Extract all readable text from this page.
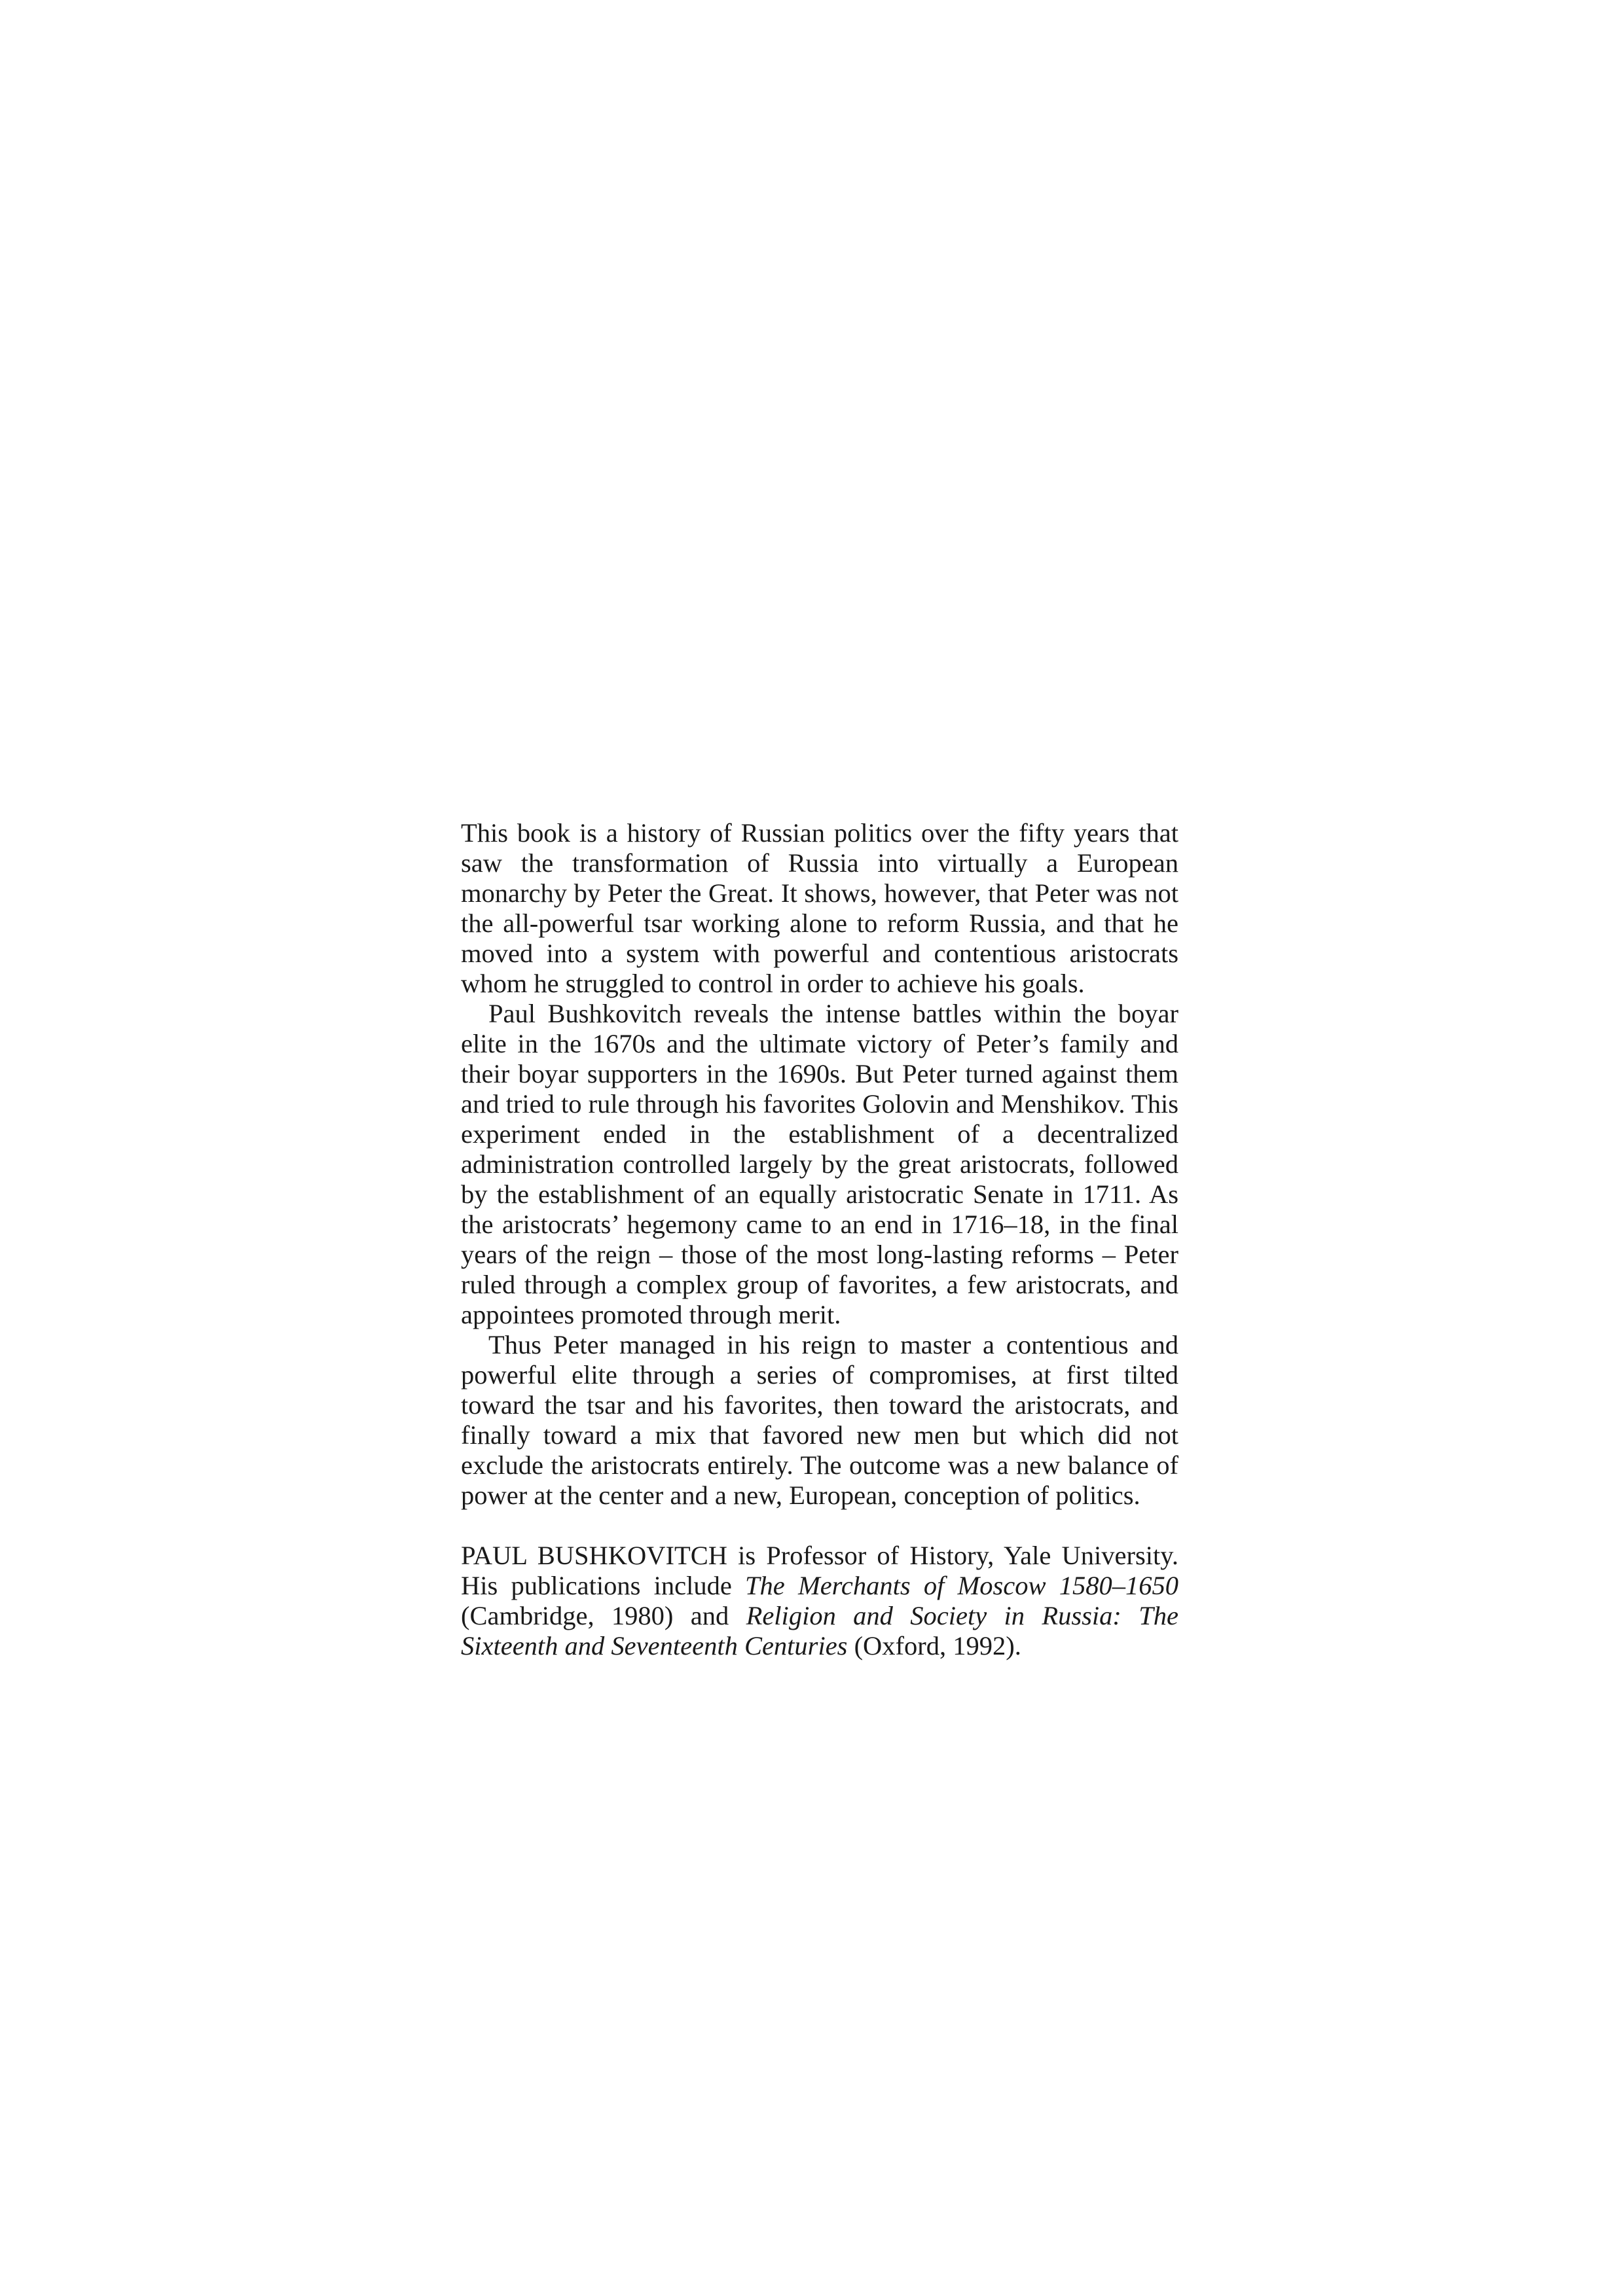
This book is a history of Russian politics over the fifty years that saw the transformation of Russia into virtually a European monarchy by Peter the Great. It shows, however, that Peter was not the all-powerful tsar working alone to reform Russia, and that he moved into a system with powerful and contentious aristocrats whom he struggled to control in order to achieve his goals.

Paul Bushkovitch reveals the intense battles within the boyar elite in the 1670s and the ultimate victory of Peter’s family and their boyar supporters in the 1690s. But Peter turned against them and tried to rule through his favorites Golovin and Menshikov. This experiment ended in the establishment of a decentralized administration controlled largely by the great aristocrats, followed by the establishment of an equally aristocratic Senate in 1711. As the aristocrats’ hegemony came to an end in 1716–18, in the final years of the reign – those of the most long-lasting reforms – Peter ruled through a complex group of favorites, a few aristocrats, and appointees promoted through merit.

Thus Peter managed in his reign to master a contentious and powerful elite through a series of compromises, at first tilted toward the tsar and his favorites, then toward the aristocrats, and finally toward a mix that favored new men but which did not exclude the aristocrats entirely. The outcome was a new balance of power at the center and a new, European, conception of politics.

PAUL BUSHKOVITCH is Professor of History, Yale University. His publications include The Merchants of Moscow 1580–1650 (Cambridge, 1980) and Religion and Society in Russia: The Sixteenth and Seventeenth Centuries (Oxford, 1992).
